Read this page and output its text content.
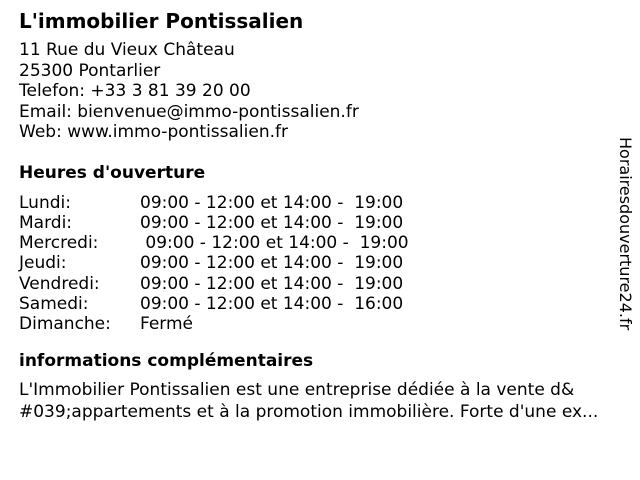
L'immobilier Pontissalien
11 Rue du Vieux Château
25300 Pontarlier
Telefon: +33 3 81 39 20 00
Email: bienvenue@immo-pontissalien.fr
Web: www.immo-pontissalien.fr
Heures d'ouverture
Lundi:	09:00 - 12:00 et 14:00 -  19:00
Mardi:	09:00 - 12:00 et 14:00 -  19:00
Mercredi: 09:00 - 12:00 et 14:00 -  19:00
Jeudi:	09:00 - 12:00 et 14:00 -  19:00
Vendredi: 09:00 - 12:00 et 14:00 -  19:00
Samedi:	09:00 - 12:00 et 14:00 -  16:00
Dimanche: Fermé
informations complémentaires
L'Immobilier Pontissalien est une entreprise dédiée à la vente d&
#039;appartements et à la promotion immobilière. Forte d'une ex...
Horairesdouverture24.fr
